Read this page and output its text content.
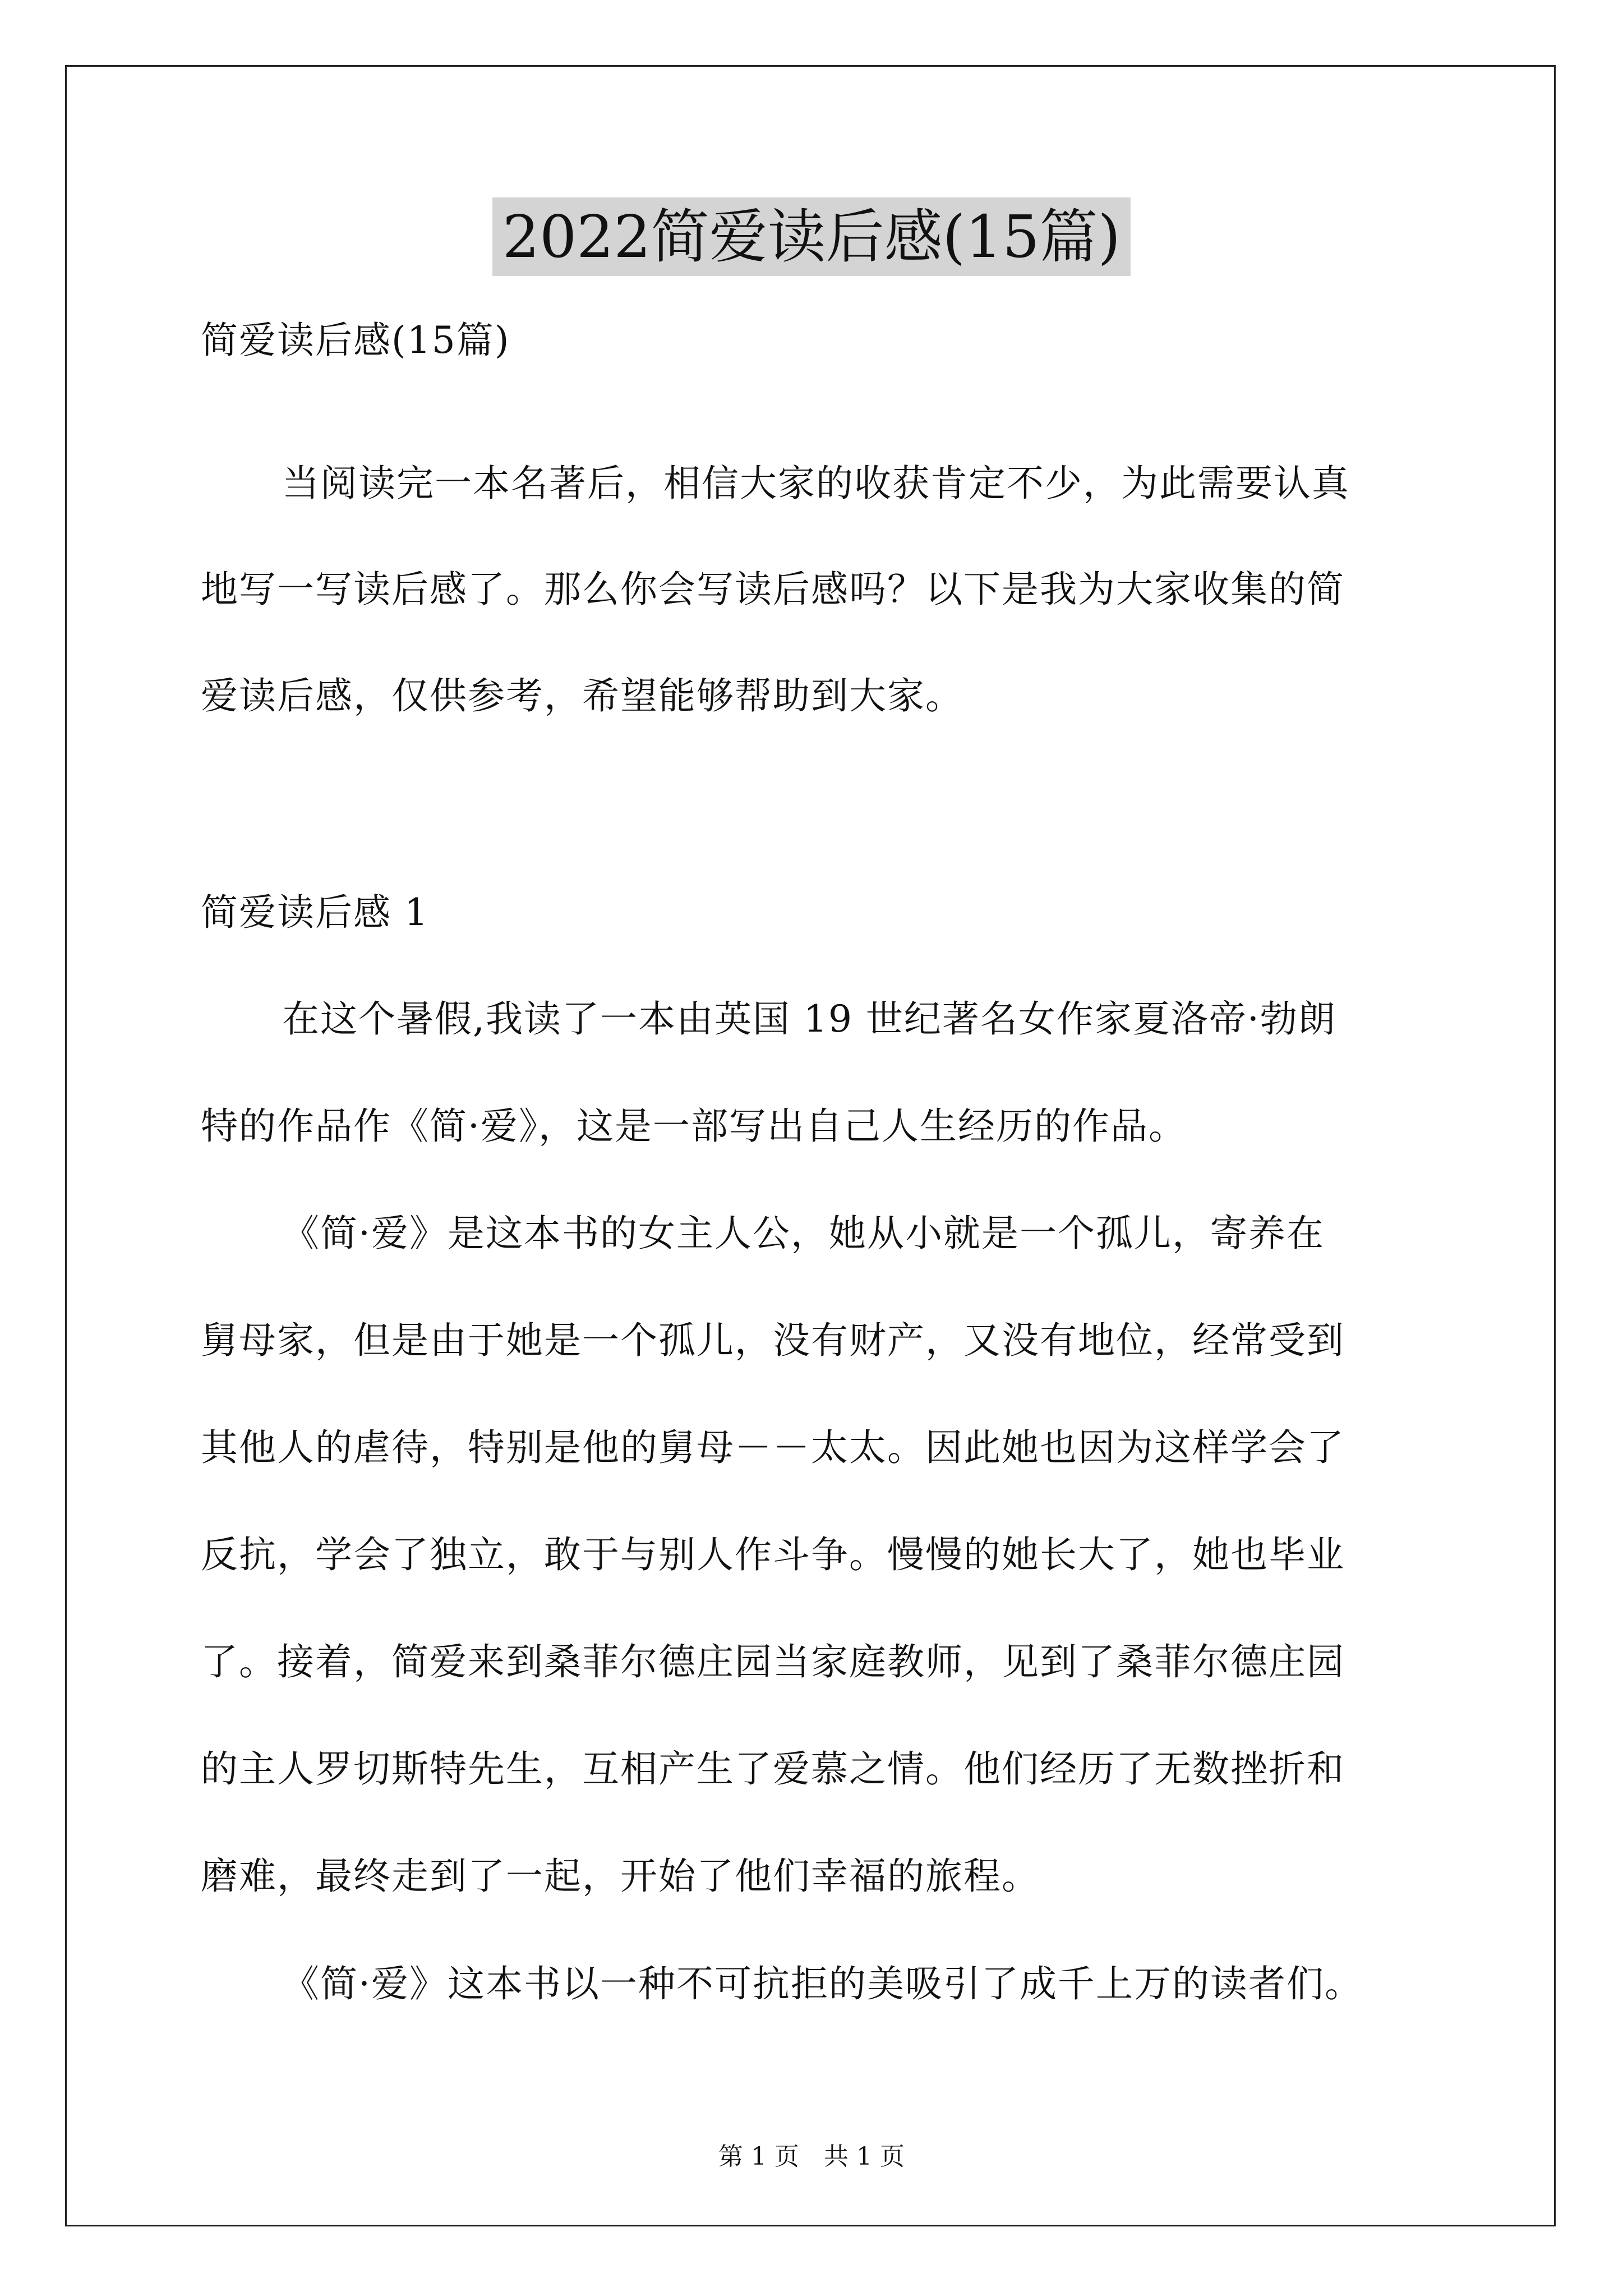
2022简爱读后感(15篇)
简爱读后感(15篇)
当阅读完一本名著后，相信大家的收获肯定不少，为此需要认真
地写一写读后感了。那么你会写读后感吗？以下是我为大家收集的简
爱读后感，仅供参考，希望能够帮助到大家。
简爱读后感 1
在这个暑假,我读了一本由英国 19 世纪著名女作家夏洛帝·勃朗
特的作品作《简·爱》，这是一部写出自己人生经历的作品。
《简·爱》是这本书的女主人公，她从小就是一个孤儿，寄养在
舅母家，但是由于她是一个孤儿，没有财产，又没有地位，经常受到
其他人的虐待，特别是他的舅母－－太太。因此她也因为这样学会了
反抗，学会了独立，敢于与别人作斗争。慢慢的她长大了，她也毕业
了。接着，简爱来到桑菲尔德庄园当家庭教师，见到了桑菲尔德庄园
的主人罗切斯特先生，互相产生了爱慕之情。他们经历了无数挫折和
磨难，最终走到了一起，开始了他们幸福的旅程。
《简·爱》这本书以一种不可抗拒的美吸引了成千上万的读者们。
第 1 页　共 1 页
